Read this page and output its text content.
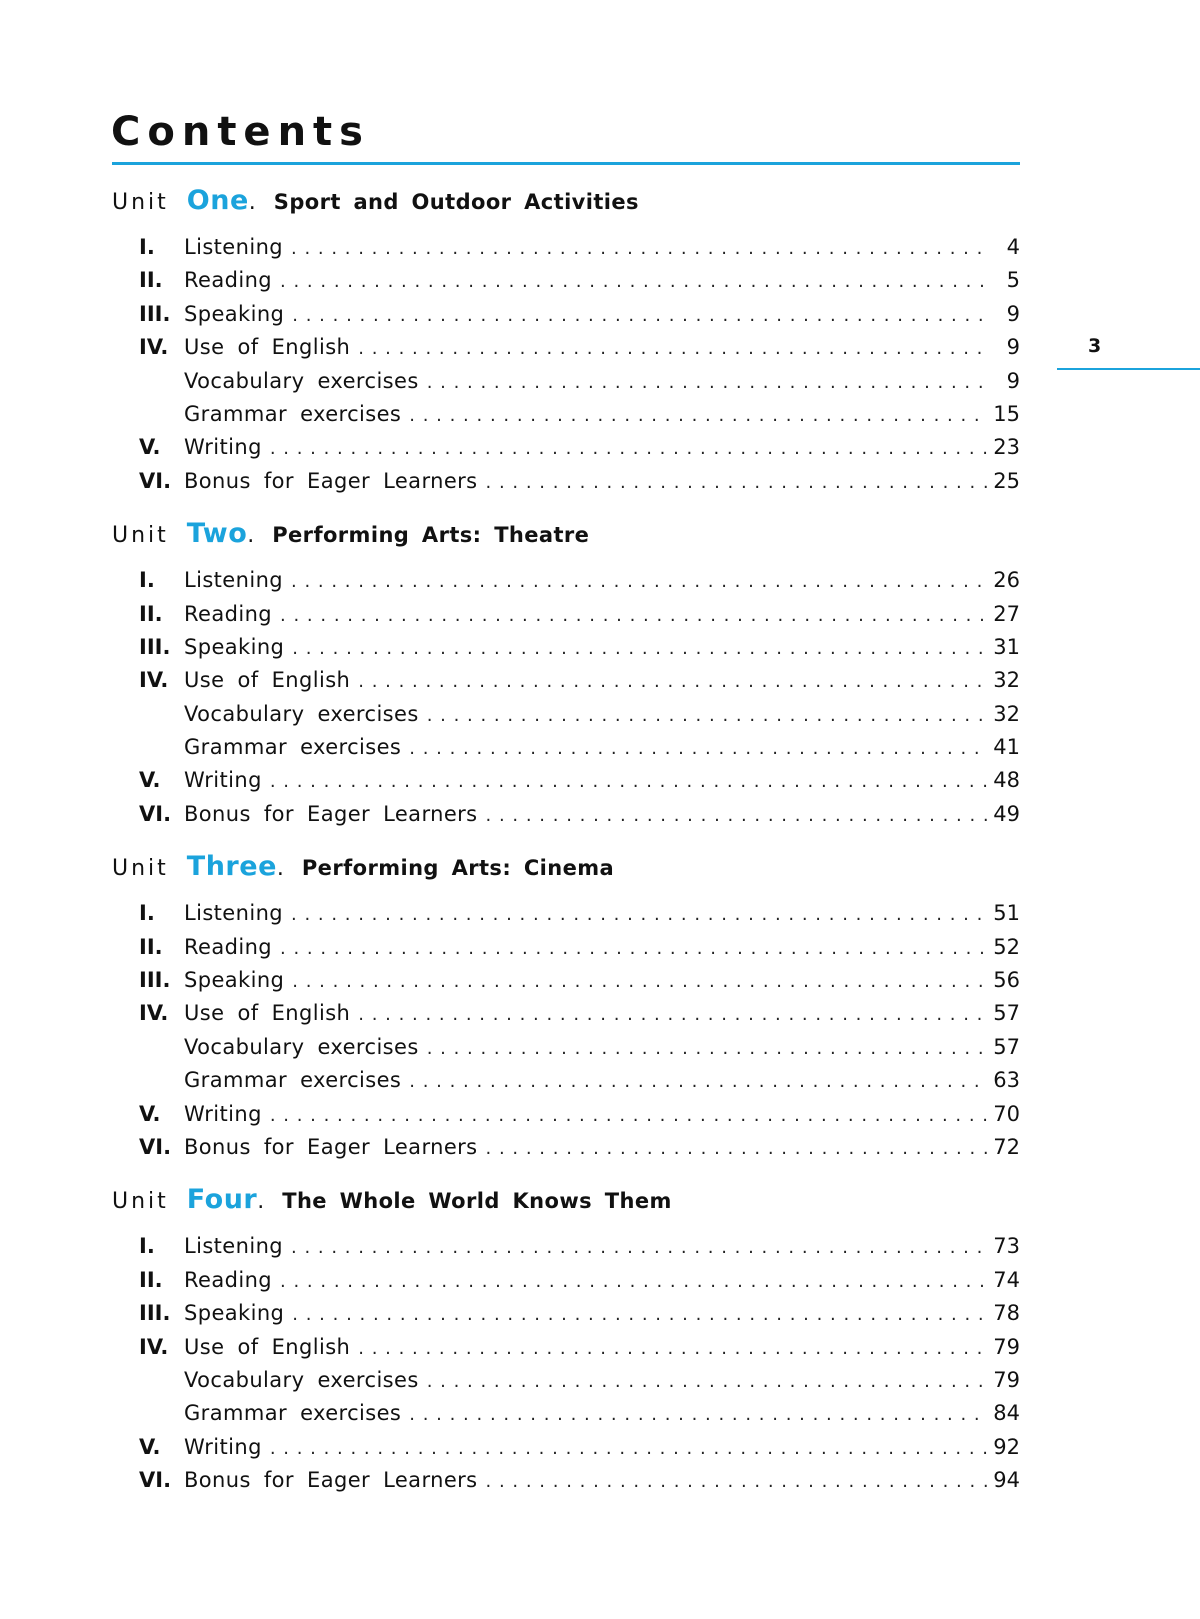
Contents
Unit One . Sport and Outdoor Activities
I.	Listening . . .	4
II.	Reading . . .	5
III. Speaking . . .	9
IV. Use of English . . .	9
Vocabulary exercises . . .	9
Grammar exercises . . .	15
V.	Writing . . .	23
VI. Bonus for Eager Learners . . .	25
Unit Two . Performing Arts: Theatre
I.	Listening . . .	26
II.	Reading . . .	27
III. Speaking . . .	31
IV. Use of English . . .	32
Vocabulary exercises . . .	32
Grammar exercises . . .	41
V.	Writing . . .	48
VI. Bonus for Eager Learners . . .	49
Unit Three . Performing Arts: Cinema
I.	Listening . . .	51
II.	Reading . . .	52
III. Speaking . . .	56
IV. Use of English . . .	57
Vocabulary exercises . . .	57
Grammar exercises . . .	63
V.	Writing . . .	70
VI. Bonus for Eager Learners . . .	72
Unit Four . The Whole World Knows Them
I.	Listening . . .	73
II.	Reading . . .	74
III. Speaking . . .	78
IV. Use of English . . .	79
Vocabulary exercises . . .	79
Grammar exercises . . .	84
V.	Writing . . .	92
VI. Bonus for Eager Learners . . .	94
3
